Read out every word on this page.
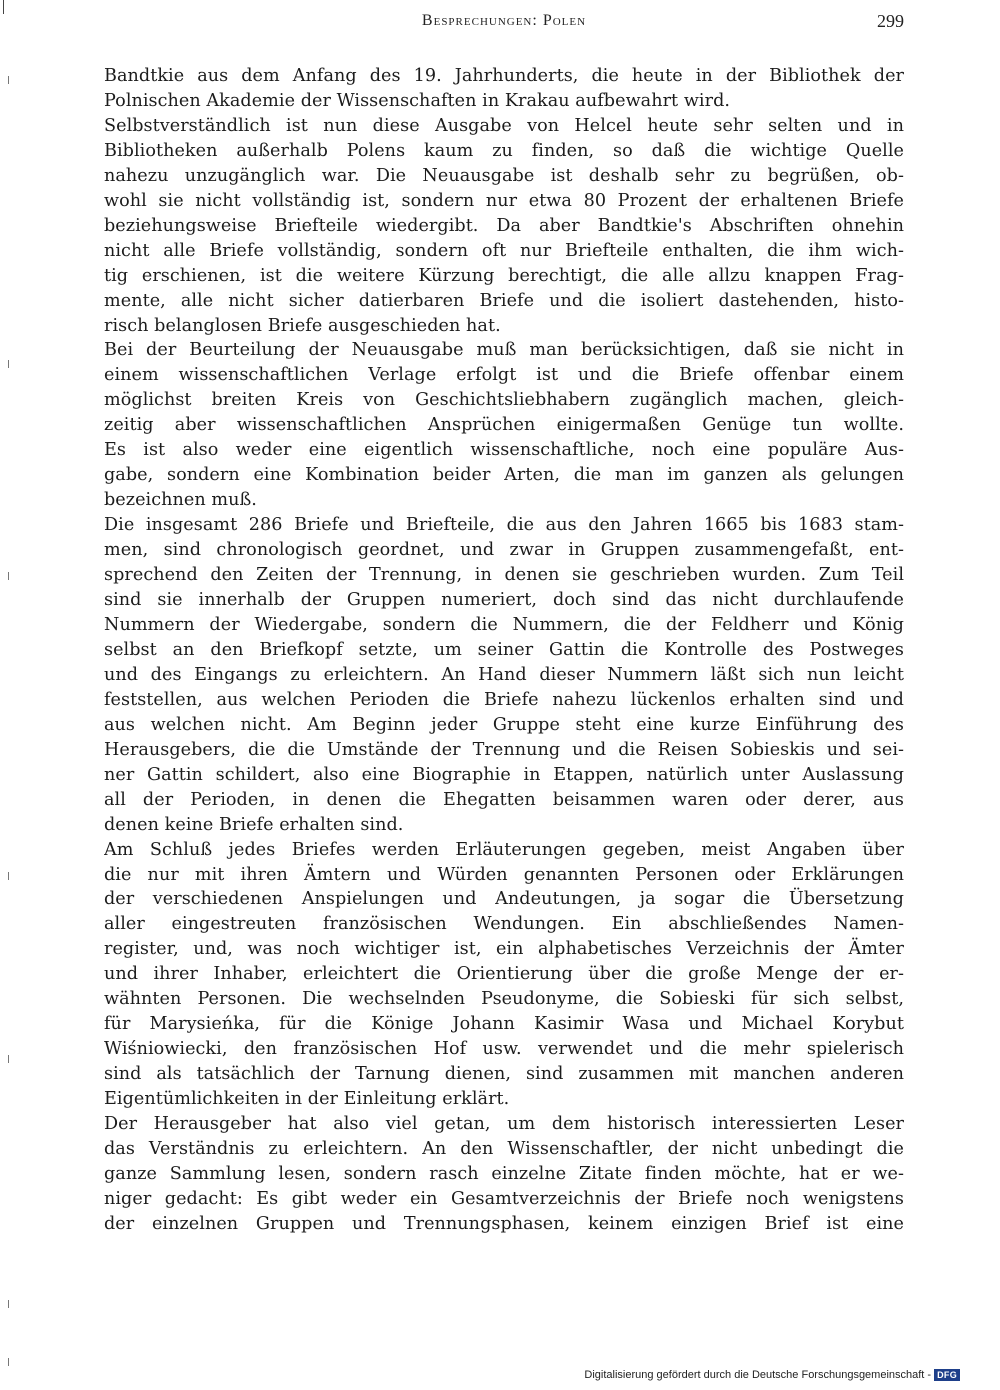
Besprechungen: Polen	299

Bandtkie aus dem Anfang des 19. Jahrhunderts, die heute in der Bibliothek der
Polnischen Akademie der Wissenschaften in Krakau aufbewahrt wird.

Selbstverständlich ist nun diese Ausgabe von Helcel heute sehr selten und in
Bibliotheken außerhalb Polens kaum zu finden, so daß die wichtige Quelle
nahezu unzugänglich war. Die Neuausgabe ist deshalb sehr zu begrüßen, ob-
wohl sie nicht vollständig ist, sondern nur etwa 80 Prozent der erhaltenen Briefe
beziehungsweise Briefteile wiedergibt. Da aber Bandtkie's Abschriften ohnehin
nicht alle Briefe vollständig, sondern oft nur Briefteile enthalten, die ihm wich-
tig erschienen, ist die weitere Kürzung berechtigt, die alle allzu knappen Frag-
mente, alle nicht sicher datierbaren Briefe und die isoliert dastehenden, histo-
risch belanglosen Briefe ausgeschieden hat.

Bei der Beurteilung der Neuausgabe muß man berücksichtigen, daß sie nicht in
einem wissenschaftlichen Verlage erfolgt ist und die Briefe offenbar einem
möglichst breiten Kreis von Geschichtsliebhabern zugänglich machen, gleich-
zeitig aber wissenschaftlichen Ansprüchen einigermaßen Genüge tun wollte.
Es ist also weder eine eigentlich wissenschaftliche, noch eine populäre Aus-
gabe, sondern eine Kombination beider Arten, die man im ganzen als gelungen
bezeichnen muß.

Die insgesamt 286 Briefe und Briefteile, die aus den Jahren 1665 bis 1683 stam-
men, sind chronologisch geordnet, und zwar in Gruppen zusammengefaßt, ent-
sprechend den Zeiten der Trennung, in denen sie geschrieben wurden. Zum Teil
sind sie innerhalb der Gruppen numeriert, doch sind das nicht durchlaufende
Nummern der Wiedergabe, sondern die Nummern, die der Feldherr und König
selbst an den Briefkopf setzte, um seiner Gattin die Kontrolle des Postweges
und des Eingangs zu erleichtern. An Hand dieser Nummern läßt sich nun leicht
feststellen, aus welchen Perioden die Briefe nahezu lückenlos erhalten sind und
aus welchen nicht. Am Beginn jeder Gruppe steht eine kurze Einführung des
Herausgebers, die die Umstände der Trennung und die Reisen Sobieskis und sei-
ner Gattin schildert, also eine Biographie in Etappen, natürlich unter Auslassung
all der Perioden, in denen die Ehegatten beisammen waren oder derer, aus
denen keine Briefe erhalten sind.

Am Schluß jedes Briefes werden Erläuterungen gegeben, meist Angaben über
die nur mit ihren Ämtern und Würden genannten Personen oder Erklärungen
der verschiedenen Anspielungen und Andeutungen, ja sogar die Übersetzung
aller eingestreuten französischen Wendungen. Ein abschließendes Namen-
register, und, was noch wichtiger ist, ein alphabetisches Verzeichnis der Ämter
und ihrer Inhaber, erleichtert die Orientierung über die große Menge der er-
wähnten Personen. Die wechselnden Pseudonyme, die Sobieski für sich selbst,
für Marysieńka, für die Könige Johann Kasimir Wasa und Michael Korybut
Wiśniowiecki, den französischen Hof usw. verwendet und die mehr spielerisch
sind als tatsächlich der Tarnung dienen, sind zusammen mit manchen anderen
Eigentümlichkeiten in der Einleitung erklärt.

Der Herausgeber hat also viel getan, um dem historisch interessierten Leser
das Verständnis zu erleichtern. An den Wissenschaftler, der nicht unbedingt die
ganze Sammlung lesen, sondern rasch einzelne Zitate finden möchte, hat er we-
niger gedacht: Es gibt weder ein Gesamtverzeichnis der Briefe noch wenigstens
der einzelnen Gruppen und Trennungsphasen, keinem einzigen Brief ist eine

Digitalisierung gefördert durch die Deutsche Forschungsgemeinschaft - DFG
